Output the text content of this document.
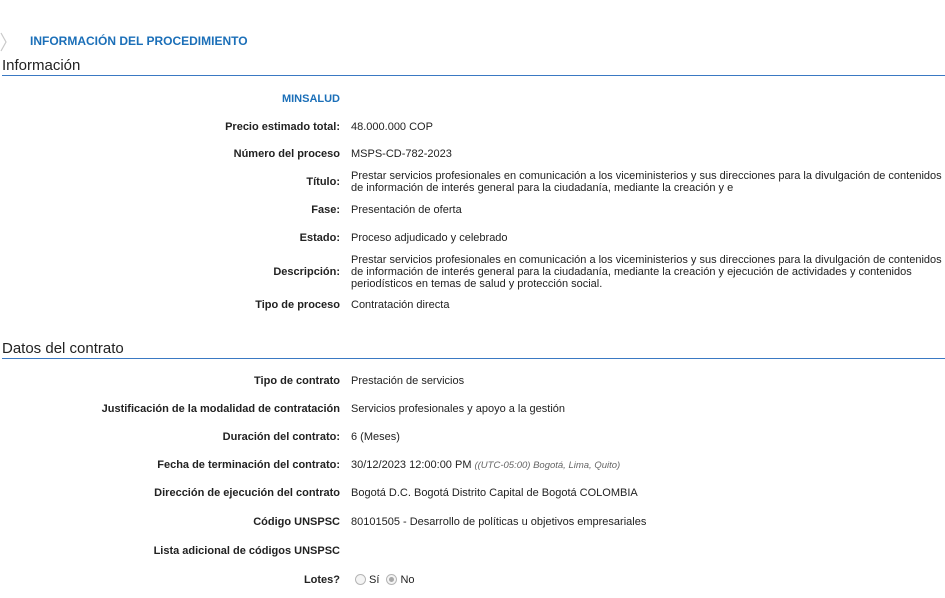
INFORMACIÓN DEL PROCEDIMIENTO
Información
MINSALUD
Precio estimado total: 48.000.000 COP
Número del proceso MSPS-CD-782-2023
Título: Prestar servicios profesionales en comunicación a los viceministerios y sus direcciones para la divulgación de contenidos de información de interés general para la ciudadanía, mediante la creación y e
Fase: Presentación de oferta
Estado: Proceso adjudicado y celebrado
Descripción:
Prestar servicios profesionales en comunicación a los viceministerios y sus direcciones para la divulgación de contenidos de información de interés general para la ciudadanía, mediante la creación y ejecución de actividades y contenidos periodísticos en temas de salud y protección social.
Tipo de proceso Contratación directa
Datos del contrato
Tipo de contrato Prestación de servicios
Justificación de la modalidad de contratación Servicios profesionales y apoyo a la gestión
Duración del contrato: 6 (Meses)
Fecha de terminación del contrato: 30/12/2023 12:00:00 PM ((UTC-05:00) Bogotá, Lima, Quito)
Dirección de ejecución del contrato Bogotá D.C. Bogotá Distrito Capital de Bogotá COLOMBIA
Código UNSPSC 80101505 - Desarrollo de políticas u objetivos empresariales
Lista adicional de códigos UNSPSC
Lotes?	Sí No
